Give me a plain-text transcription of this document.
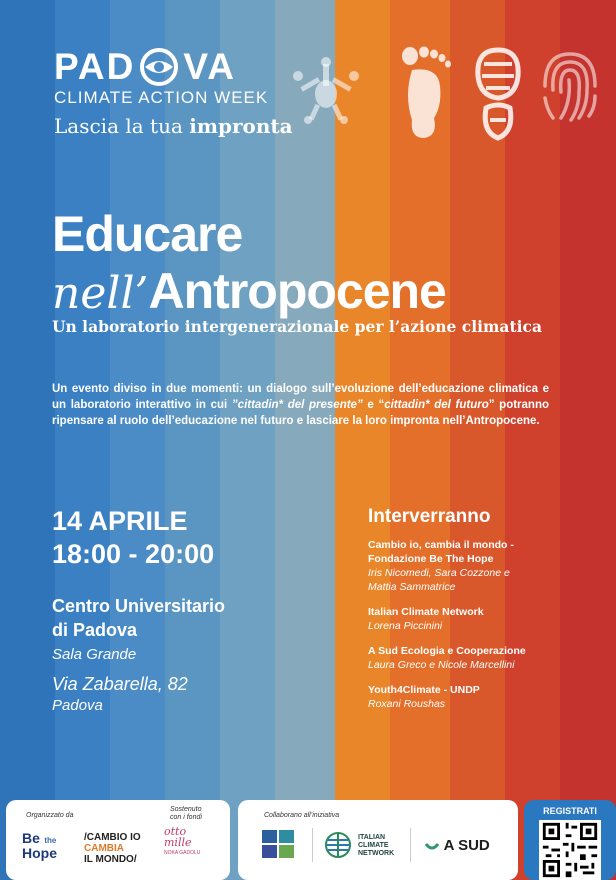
PAD VA
CLIMATE ACTION WEEK
Lascia la tua impronta
Educare
nell’Antropocene
Un laboratorio intergenerazionale per l’azione climatica
Un evento diviso in due momenti: un dialogo sull’evoluzione dell’educazione climatica e un laboratorio interattivo in cui ”cittadin* del presente” e “cittadin* del futuro” potranno ripensare al ruolo dell’educazione nel futuro e lasciare la loro impronta nell’Antropocene.
14 APRILE
18:00 - 20:00
Centro Universitario
di Padova
Sala Grande
Via Zabarella, 82
Padova
Interverranno
Cambio io, cambia il mondo -
Fondazione Be The Hope
Iris Nicomedi, Sara Cozzone e
Mattia Sammatrice
Italian Climate Network
Lorena Piccinini
A Sud Ecologia e Cooperazione
Laura Greco e Nicole Marcellini
Youth4Climate - UNDP
Roxani Roushas
Organizzato da
Sostenuto
con i fondi
Be the
Hope
/CAMBIO IO
CAMBIA
IL MONDO/
otto
mille
NOKA GADOLU
Collaborano all’iniziativa
ITALIAN
CLIMATE
NETWORK	A SUD
REGISTRATI
